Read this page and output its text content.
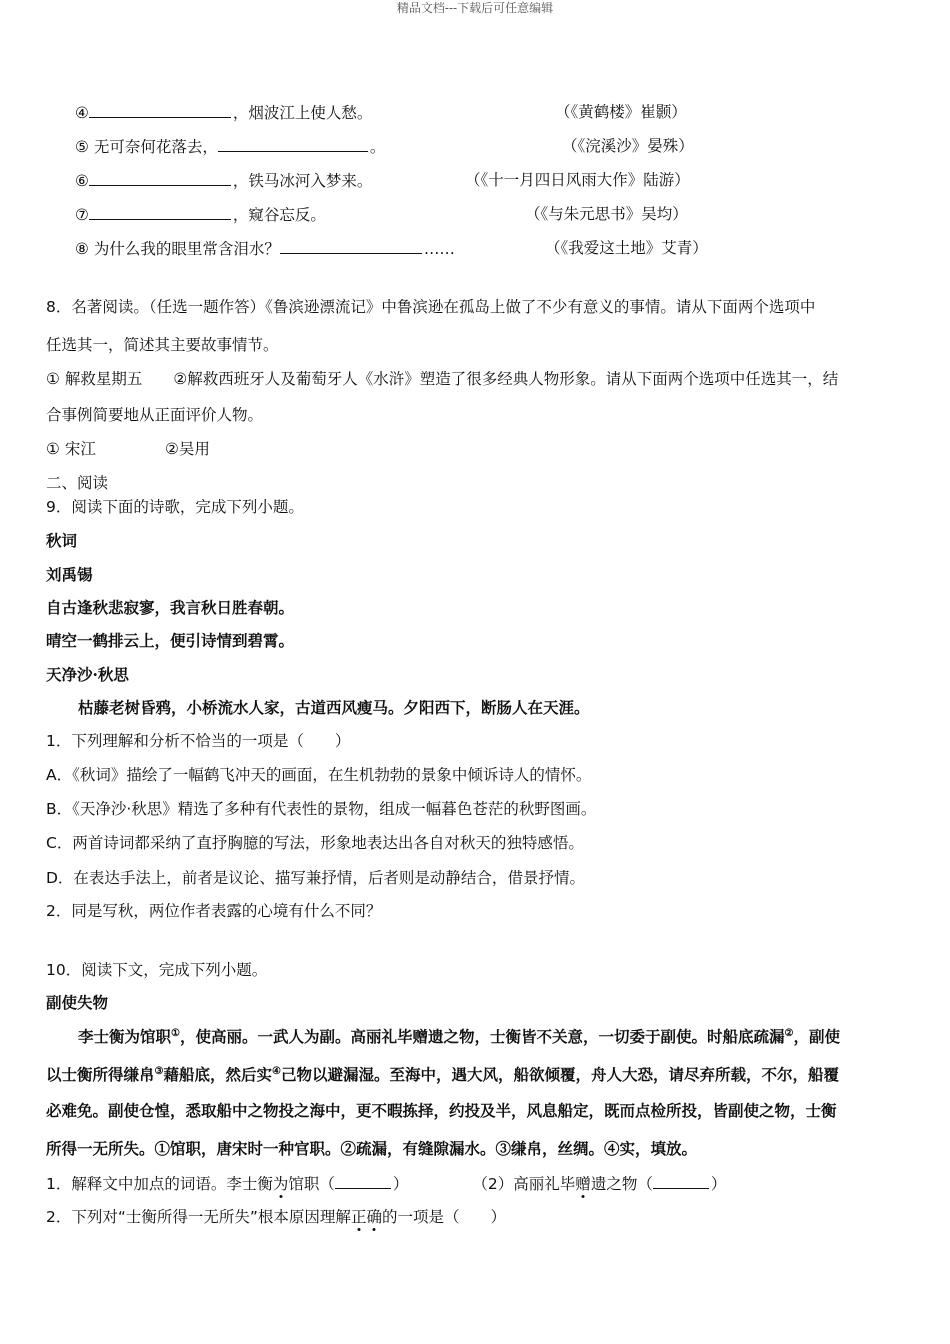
精品文档---下载后可任意编辑
④	，烟波江上使人愁。	（《黄鹤楼》崔颢）
⑤ 无可奈何花落去，	。	（《浣溪沙》晏殊）
⑥	，铁马冰河入梦来。	（《十一月四日风雨大作》陆游）
⑦	，窥谷忘反。	（《与朱元思书》吴均）
⑧ 为什么我的眼里常含泪水？	……	（《我爱这土地》艾青）
8．名著阅读。（任选一题作答）《鲁滨逊漂流记》中鲁滨逊在孤岛上做了不少有意义的事情。请从下面两个选项中
任选其一，简述其主要故事情节。
① 解救星期五　　②解救西班牙人及葡萄牙人《水浒》塑造了很多经典人物形象。请从下面两个选项中任选其一，结
合事例简要地从正面评价人物。
① 宋江	②吴用
二、阅读
9．阅读下面的诗歌，完成下列小题。
秋词
刘禹锡
自古逢秋悲寂寥，我言秋日胜春朝。
晴空一鹤排云上，便引诗情到碧霄。
天净沙·秋思
枯藤老树昏鸦，小桥流水人家，古道西风瘦马。夕阳西下，断肠人在天涯。
1．下列理解和分析不恰当的一项是（　　）
A．《秋词》描绘了一幅鹤飞冲天的画面，在生机勃勃的景象中倾诉诗人的情怀。
B．《天净沙·秋思》精选了多种有代表性的景物，组成一幅暮色苍茫的秋野图画。
C．两首诗词都采纳了直抒胸臆的写法，形象地表达出各自对秋天的独特感悟。
D．在表达手法上，前者是议论、描写兼抒情，后者则是动静结合，借景抒情。
2．同是写秋，两位作者表露的心境有什么不同？
10．阅读下文，完成下列小题。
副使失物
李士衡为馆职①，使高丽。一武人为副。高丽礼毕赠遗之物，士衡皆不关意，一切委于副使。时船底疏漏②，副使
以士衡所得缣帛③藉船底，然后实④己物以避漏湿。至海中，遇大风，船欲倾覆，舟人大恐，请尽弃所载，不尔，船覆
必难免。副使仓惶，悉取船中之物投之海中，更不暇拣择，约投及半，风息船定，既而点检所投，皆副使之物，士衡
所得一无所失。①馆职，唐宋时一种官职。②疏漏，有缝隙漏水。③缣帛，丝绸。④实，填放。
1．解释文中加点的词语。李士衡为馆职（	）	（2）高丽礼毕赠遗之物（	）
2．下列对“士衡所得一无所失”根本原因理解正确的一项是（　　）
